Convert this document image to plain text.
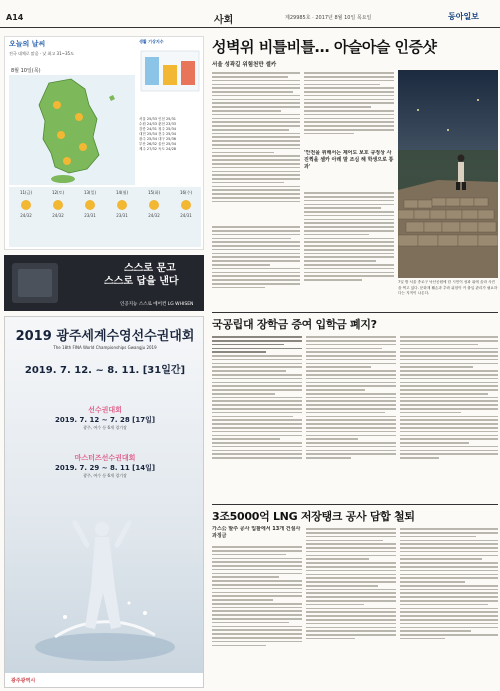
A14	사회	제29985호 · 2017년 8월 10일 목요일	동아일보
오늘의 날씨
전국 대체로 맑음 · 낮 최고 31~35도
8월 10일(목)
생활 기상지수
서울 25/33 인천 25/31
수원 24/33 춘천 23/33
강릉 24/31 청주 25/34
대전 25/34 전주 25/34
광주 25/34 대구 25/36
부산 26/32 울산 25/34
제주 27/32 독도 24/28
11(금)
24/32
12(토)
24/32
13(일)
23/31
14(월)
23/31
15(화)
24/32
16(수)
24/31
스스로 문고
스스로 답을 낸다
인공지능 스스로 에어컨 LG WHISEN
성벽위 비틀비틀… 아슬아슬 인증샷
서울 성곽길 위험천만 셀카
'안전을 위해서는 제어도 보호 규정상 사진찍을 셀카 아레 말 조심 해 학생으로 통과'
7일 밤 서울 종로구 낙산공원에 한 시민이 성곽 위에 올라 사진을 찍고 있다. 문화재 훼손과 추락 위험이 커 출입 관리가 필요하다는 지적이 나온다.
2019 광주세계수영선수권대회
The 18th FINA World Championships Gwangju 2019
2019. 7. 12. ~ 8. 11. [31일간]
선수권대회
2019. 7. 12 ~ 7. 28 [17일]
광주, 여수 등 6개 경기장
마스터즈선수권대회
2019. 7. 29 ~ 8. 11 [14일]
광주, 여수 등 6개 경기장
광주광역시
국공립대 장학금 증여 입학금 폐지?
3조5000억 LNG 저장탱크 공사 담합 철퇴
가스公 발주 공사 입찰에서 13개 건설사 과징금
